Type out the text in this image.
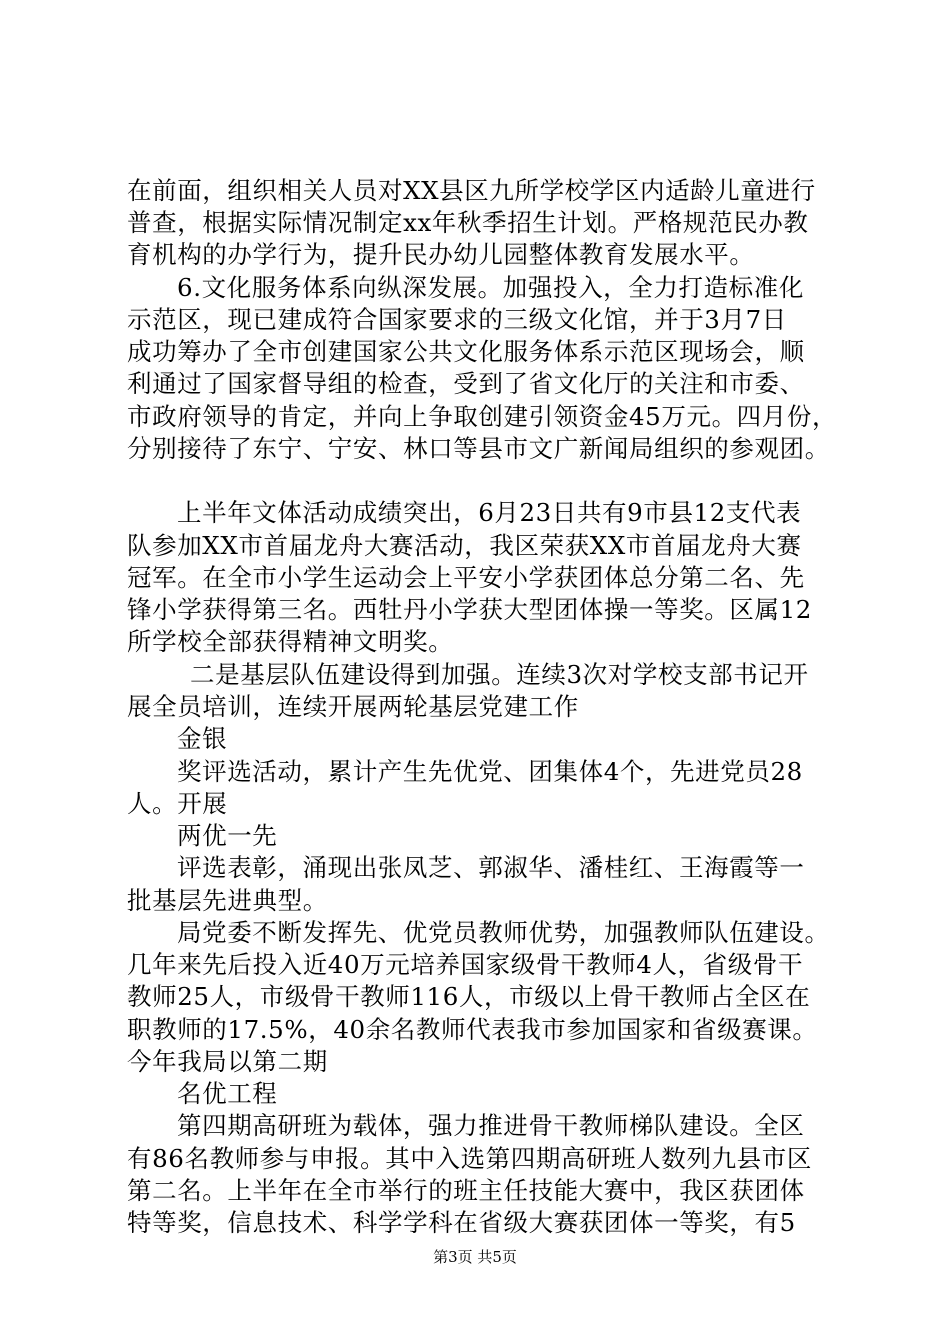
在前面，组织相关人员对XX县区九所学校学区内适龄儿童进行
普查，根据实际情况制定xx年秋季招生计划。严格规范民办教
育机构的办学行为，提升民办幼儿园整体教育发展水平。
6.文化服务体系向纵深发展。加强投入，全力打造标准化
示范区，现已建成符合国家要求的三级文化馆，并于3月7日
成功筹办了全市创建国家公共文化服务体系示范区现场会，顺
利通过了国家督导组的检查，受到了省文化厅的关注和市委、
市政府领导的肯定，并向上争取创建引领资金45万元。四月份，
分别接待了东宁、宁安、林口等县市文广新闻局组织的参观团。
上半年文体活动成绩突出，6月23日共有9市县12支代表
队参加XX市首届龙舟大赛活动，我区荣获XX市首届龙舟大赛
冠军。在全市小学生运动会上平安小学获团体总分第二名、先
锋小学获得第三名。西牡丹小学获大型团体操一等奖。区属12
所学校全部获得精神文明奖。
二是基层队伍建设得到加强。连续3次对学校支部书记开
展全员培训，连续开展两轮基层党建工作
金银
奖评选活动，累计产生先优党、团集体4个，先进党员28
人。开展
两优一先
评选表彰，涌现出张凤芝、郭淑华、潘桂红、王海霞等一
批基层先进典型。
局党委不断发挥先、优党员教师优势，加强教师队伍建设。
几年来先后投入近40万元培养国家级骨干教师4人，省级骨干
教师25人，市级骨干教师116人，市级以上骨干教师占全区在
职教师的17.5%，40余名教师代表我市参加国家和省级赛课。
今年我局以第二期
名优工程
第四期高研班为载体，强力推进骨干教师梯队建设。全区
有86名教师参与申报。其中入选第四期高研班人数列九县市区
第二名。上半年在全市举行的班主任技能大赛中，我区获团体
特等奖，信息技术、科学学科在省级大赛获团体一等奖，有5
第3页 共5页
